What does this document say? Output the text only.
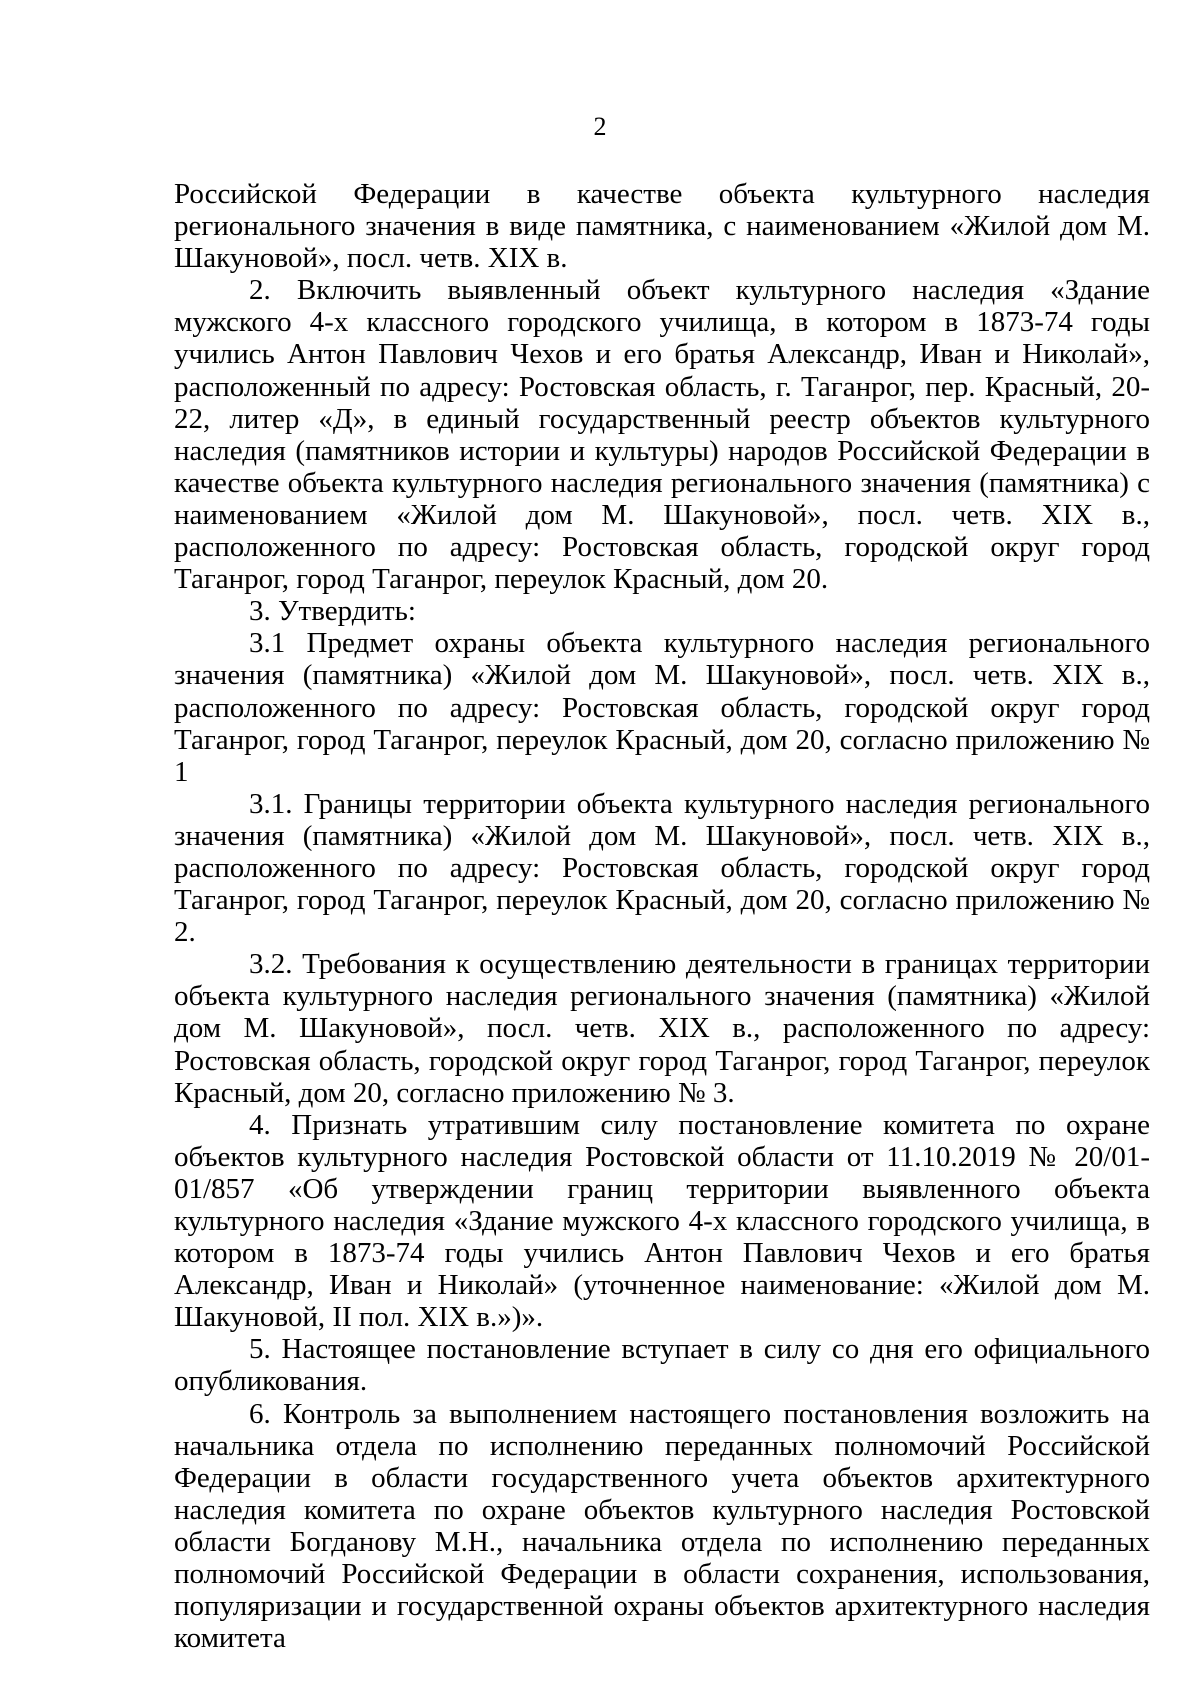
2

Российской Федерации в качестве объекта культурного наследия регионального значения в виде памятника, с наименованием «Жилой дом М. Шакуновой», посл. четв. XIX в.

2. Включить выявленный объект культурного наследия «Здание мужского 4-х классного городского училища, в котором в 1873-74 годы учились Антон Павлович Чехов и его братья Александр, Иван и Николай», расположенный по адресу: Ростовская область, г. Таганрог, пер. Красный, 20-22, литер «Д», в единый государственный реестр объектов культурного наследия (памятников истории и культуры) народов Российской Федерации в качестве объекта культурного наследия регионального значения (памятника) с наименованием «Жилой дом М. Шакуновой», посл. четв. XIX в., расположенного по адресу: Ростовская область, городской округ город Таганрог, город Таганрог, переулок Красный, дом 20.

3. Утвердить:

3.1 Предмет охраны объекта культурного наследия регионального значения (памятника) «Жилой дом М. Шакуновой», посл. четв. XIX в., расположенного по адресу: Ростовская область, городской округ город Таганрог, город Таганрог, переулок Красный, дом 20, согласно приложению № 1

3.1. Границы территории объекта культурного наследия регионального значения (памятника) «Жилой дом М. Шакуновой», посл. четв. XIX в., расположенного по адресу: Ростовская область, городской округ город Таганрог, город Таганрог, переулок Красный, дом 20, согласно приложению № 2.

3.2. Требования к осуществлению деятельности в границах территории объекта культурного наследия регионального значения (памятника) «Жилой дом М. Шакуновой», посл. четв. XIX в., расположенного по адресу: Ростовская область, городской округ город Таганрог, город Таганрог, переулок Красный, дом 20, согласно приложению № 3.

4. Признать утратившим силу постановление комитета по охране объектов культурного наследия Ростовской области от 11.10.2019 № 20/01-01/857 «Об утверждении границ территории выявленного объекта культурного наследия «Здание мужского 4-х классного городского училища, в котором в 1873-74 годы учились Антон Павлович Чехов и его братья Александр, Иван и Николай» (уточненное наименование: «Жилой дом М. Шакуновой, II пол. XIX в.»)».

5. Настоящее постановление вступает в силу со дня его официального опубликования.

6. Контроль за выполнением настоящего постановления возложить на начальника отдела по исполнению переданных полномочий Российской Федерации в области государственного учета объектов архитектурного наследия комитета по охране объектов культурного наследия Ростовской области Богданову М.Н., начальника отдела по исполнению переданных полномочий Российской Федерации в области сохранения, использования, популяризации и государственной охраны объектов архитектурного наследия комитета
